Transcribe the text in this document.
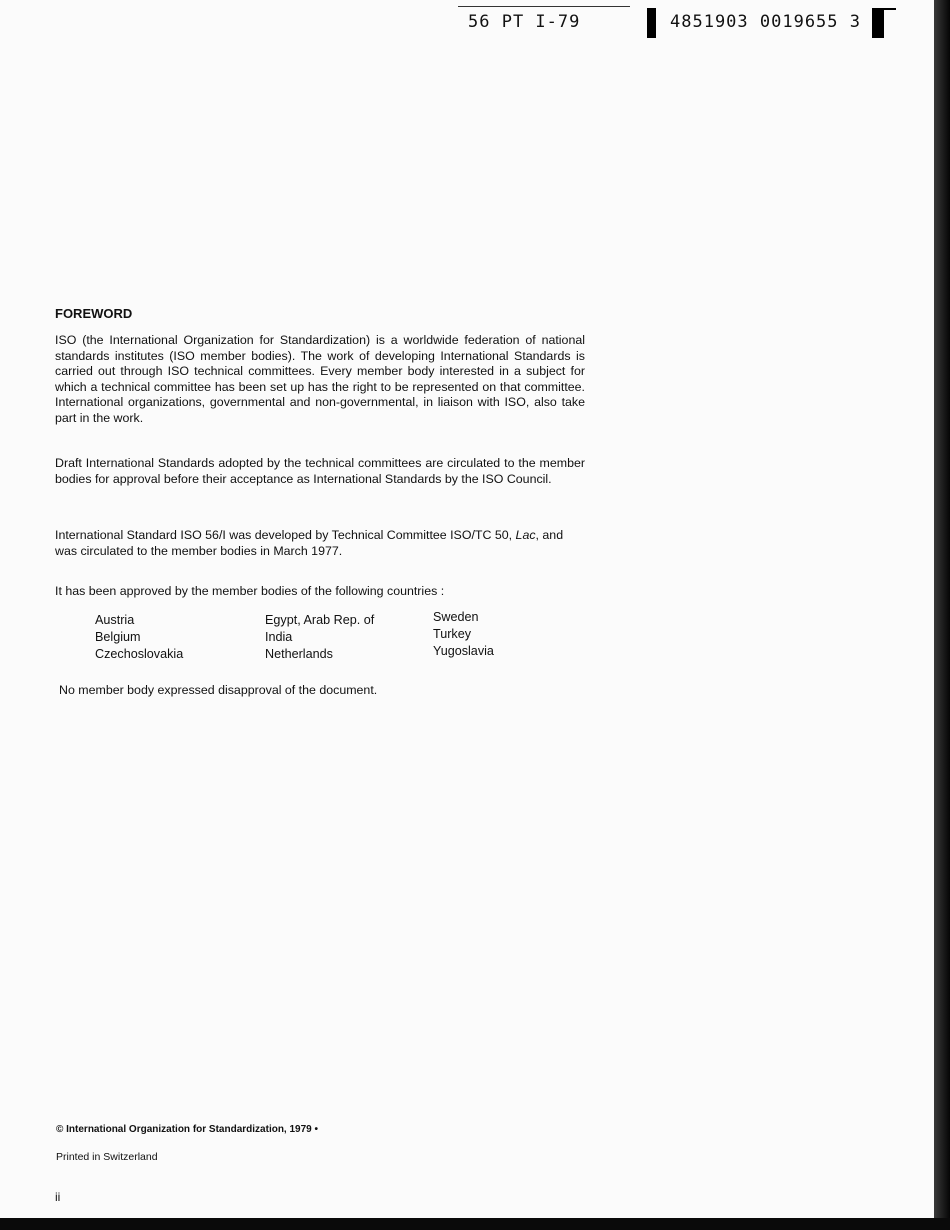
56 PT I-79	4851903 0019655 3
FOREWORD
ISO (the International Organization for Standardization) is a worldwide federation of national standards institutes (ISO member bodies). The work of developing International Standards is carried out through ISO technical committees. Every member body interested in a subject for which a technical committee has been set up has the right to be represented on that committee. International organizations, governmental and non-governmental, in liaison with ISO, also take part in the work.
Draft International Standards adopted by the technical committees are circulated to the member bodies for approval before their acceptance as International Standards by the ISO Council.
International Standard ISO 56/I was developed by Technical Committee ISO/TC 50, Lac, and was circulated to the member bodies in March 1977.
It has been approved by the member bodies of the following countries :
Austria
Belgium
Czechoslovakia
Egypt, Arab Rep. of
India
Netherlands
Sweden
Turkey
Yugoslavia
No member body expressed disapproval of the document.
© International Organization for Standardization, 1979 •
Printed in Switzerland
ii
